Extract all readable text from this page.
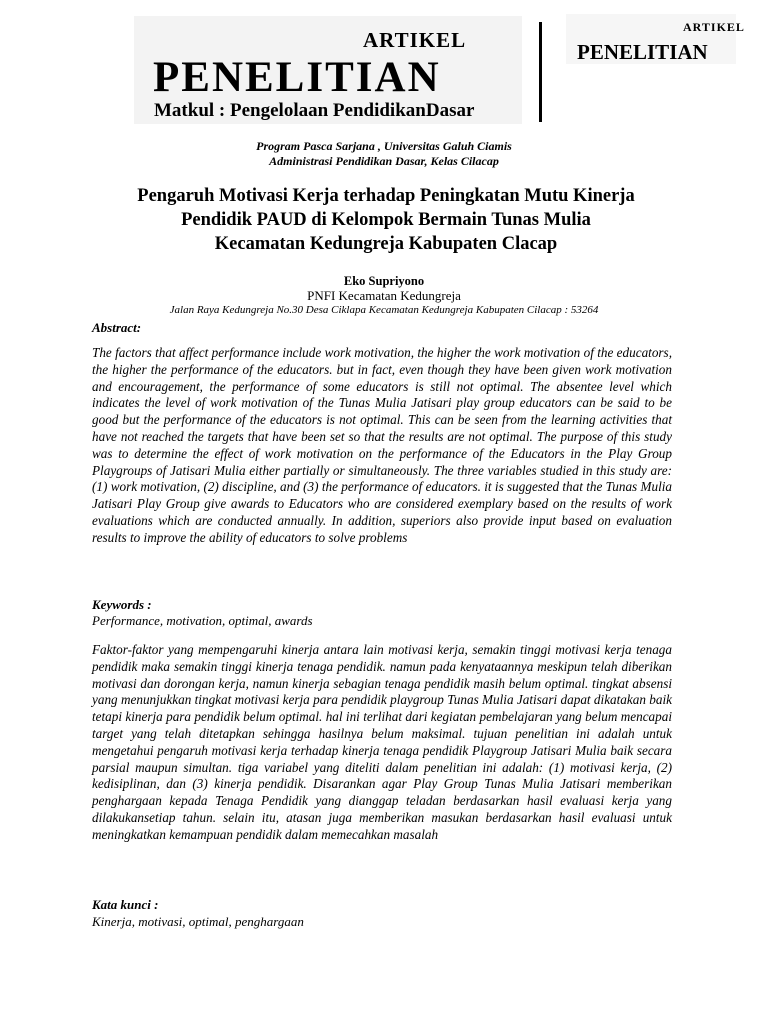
ARTIKEL
PENELITIAN
Matkul : Pengelolaan PendidikanDasar
ARTIKEL
PENELITIAN
Program Pasca Sarjana , Universitas Galuh Ciamis
Administrasi Pendidikan Dasar, Kelas Cilacap
Pengaruh Motivasi Kerja terhadap Peningkatan Mutu Kinerja
Pendidik PAUD di Kelompok Bermain Tunas Mulia
Kecamatan Kedungreja Kabupaten Clacap
Eko Supriyono
PNFI Kecamatan Kedungreja
Jalan Raya Kedungreja No.30 Desa Ciklapa Kecamatan Kedungreja Kabupaten Cilacap : 53264
Abstract:
The factors that affect performance include work motivation, the higher the work motivation of the educators, the higher the performance of the educators. but in fact, even though they have been given work motivation and encouragement, the performance of some educators is still not optimal. The absentee level which indicates the level of work motivation of the Tunas Mulia Jatisari play group educators can be said to be good but the performance of the educators is not optimal. This can be seen from the learning activities that have not reached the targets that have been set so that the results are not optimal. The purpose of this study was to determine the effect of work motivation on the performance of the Educators in the Play Group Playgroups of Jatisari Mulia either partially or simultaneously. The three variables studied in this study are: (1) work motivation, (2) discipline, and (3) the performance of educators. it is suggested that the Tunas Mulia Jatisari Play Group give awards to Educators who are considered exemplary based on the results of work evaluations which are conducted annually. In addition, superiors also provide input based on evaluation results to improve the ability of educators to solve problems
Keywords :
Performance, motivation, optimal, awards
Faktor-faktor yang mempengaruhi kinerja antara lain motivasi kerja, semakin tinggi motivasi kerja tenaga pendidik maka semakin tinggi kinerja tenaga pendidik. namun pada kenyataannya meskipun telah diberikan motivasi dan dorongan kerja, namun kinerja sebagian tenaga pendidik masih belum optimal. tingkat absensi yang menunjukkan tingkat motivasi kerja para pendidik playgroup Tunas Mulia Jatisari dapat dikatakan baik tetapi kinerja para pendidik belum optimal. hal ini terlihat dari kegiatan pembelajaran yang belum mencapai target yang telah ditetapkan sehingga hasilnya belum maksimal. tujuan penelitian ini adalah untuk mengetahui pengaruh motivasi kerja terhadap kinerja tenaga pendidik Playgroup Jatisari Mulia baik secara parsial maupun simultan. tiga variabel yang diteliti dalam penelitian ini adalah: (1) motivasi kerja, (2) kedisiplinan, dan (3) kinerja pendidik. Disarankan agar Play Group Tunas Mulia Jatisari memberikan penghargaan kepada Tenaga Pendidik yang dianggap teladan berdasarkan hasil evaluasi kerja yang dilakukansetiap tahun. selain itu, atasan juga memberikan masukan berdasarkan hasil evaluasi untuk meningkatkan kemampuan pendidik dalam memecahkan masalah
Kata kunci :
Kinerja, motivasi, optimal, penghargaan
